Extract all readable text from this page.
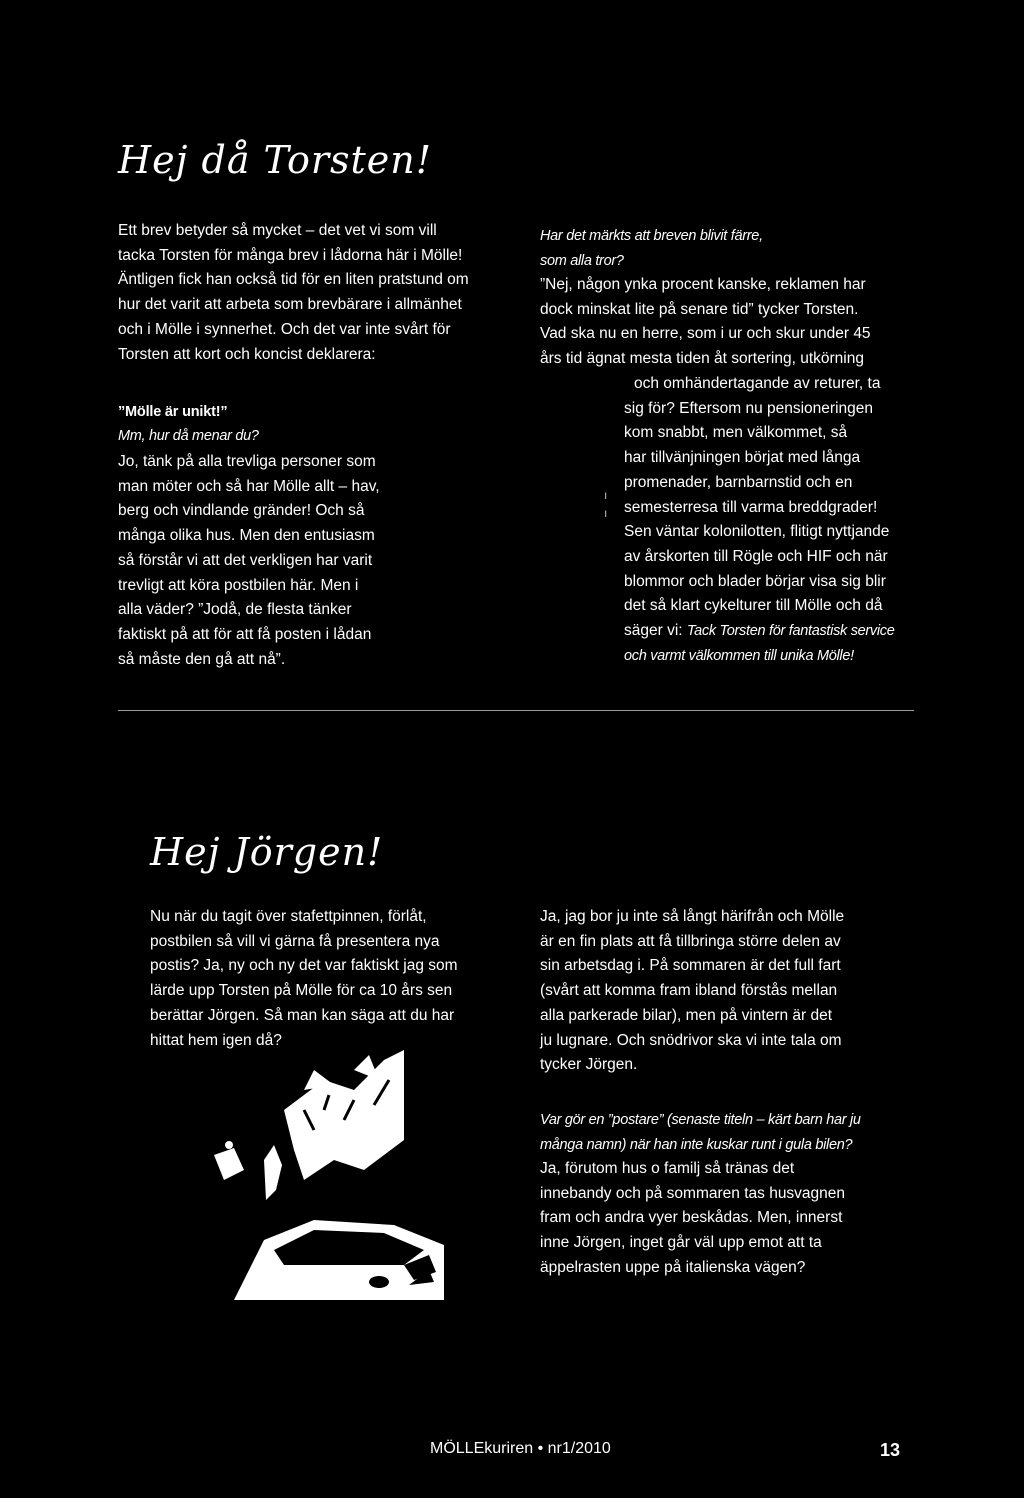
Hej då Torsten!
Ett brev betyder så mycket – det vet vi som vill
tacka Torsten för många brev i lådorna här i Mölle!
Äntligen fick han också tid för en liten pratstund om
hur det varit att arbeta som brevbärare i allmänhet
och i Mölle i synnerhet. Och det var inte svårt för
Torsten att kort och koncist deklarera:
”Mölle är unikt!”
Mm, hur då menar du?
Jo, tänk på alla trevliga personer som
man möter och så har Mölle allt – hav,
berg och vindlande gränder! Och så
många olika hus. Men den entusiasm
så förstår vi att det verkligen har varit
trevligt att köra postbilen här. Men i
alla väder? ”Jodå, de flesta tänker
faktiskt på att för att få posten i lådan
så måste den gå att nå”.
Har det märkts att breven blivit färre,
som alla tror?
”Nej, någon ynka procent kanske, reklamen har
dock minskat lite på senare tid” tycker Torsten.
Vad ska nu en herre, som i ur och skur under 45
års tid ägnat mesta tiden åt sortering, utkörning
och omhändertagande av returer, ta
sig för? Eftersom nu pensioneringen
kom snabbt, men välkommet, så
har tillvänjningen börjat med långa
promenader, barnbarnstid och en
semesterresa till varma breddgrader!
Sen väntar kolonilotten, flitigt nyttjande
av årskorten till Rögle och HIF och när
blommor och blader börjar visa sig blir
det så klart cykelturer till Mölle och då
säger vi: Tack Torsten för fantastisk service
och varmt välkommen till unika Mölle!
ı
ı
Hej Jörgen!
Nu när du tagit över stafettpinnen, förlåt,
postbilen så vill vi gärna få presentera nya
postis? Ja, ny och ny det var faktiskt jag som
lärde upp Torsten på Mölle för ca 10 års sen
berättar Jörgen. Så man kan säga att du har
hittat hem igen då?
Ja, jag bor ju inte så långt härifrån och Mölle
är en fin plats att få tillbringa större delen av
sin arbetsdag i. På sommaren är det full fart
(svårt att komma fram ibland förstås mellan
alla parkerade bilar), men på vintern är det
ju lugnare. Och snödrivor ska vi inte tala om
tycker Jörgen.
Var gör en ”postare” (senaste titeln – kärt barn har ju
många namn) när han inte kuskar runt i gula bilen?
Ja, förutom hus o familj så tränas det
innebandy och på sommaren tas husvagnen
fram och andra vyer beskådas. Men, innerst
inne Jörgen, inget går väl upp emot att ta
äppelrasten uppe på italienska vägen?
MÖLLEkuriren • nr1/2010	13
